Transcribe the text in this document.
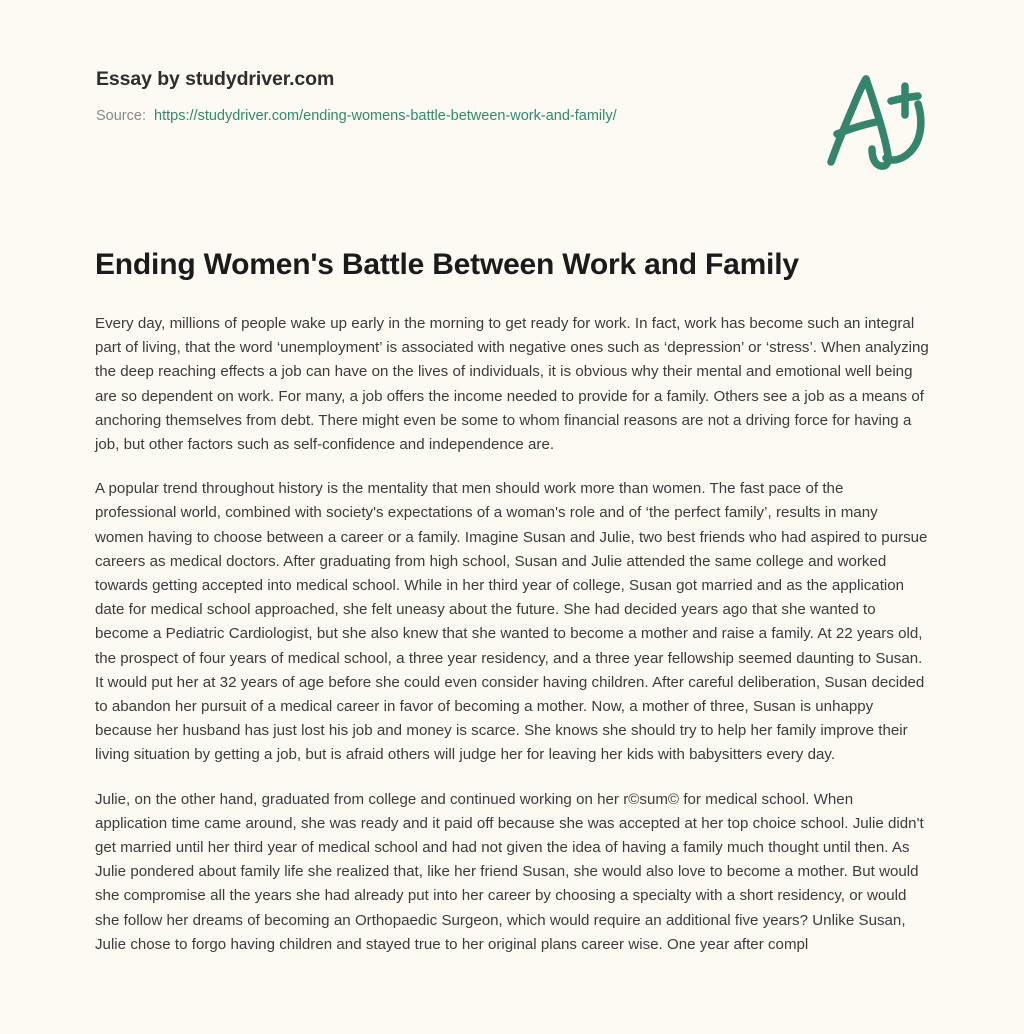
Essay by studydriver.com
Source: https://studydriver.com/ending-womens-battle-between-work-and-family/
Ending Women's Battle Between Work and Family

Every day, millions of people wake up early in the morning to get ready for work. In fact, work has become such an integral part of living, that the word ‘unemployment’ is associated with negative ones such as ‘depression’ or ‘stress’. When analyzing the deep reaching effects a job can have on the lives of individuals, it is obvious why their mental and emotional well being are so dependent on work. For many, a job offers the income needed to provide for a family. Others see a job as a means of anchoring themselves from debt. There might even be some to whom financial reasons are not a driving force for having a job, but other factors such as self-confidence and independence are.

A popular trend throughout history is the mentality that men should work more than women. The fast pace of the professional world, combined with society's expectations of a woman's role and of ‘the perfect family’, results in many women having to choose between a career or a family. Imagine Susan and Julie, two best friends who had aspired to pursue careers as medical doctors. After graduating from high school, Susan and Julie attended the same college and worked towards getting accepted into medical school. While in her third year of college, Susan got married and as the application date for medical school approached, she felt uneasy about the future. She had decided years ago that she wanted to become a Pediatric Cardiologist, but she also knew that she wanted to become a mother and raise a family. At 22 years old, the prospect of four years of medical school, a three year residency, and a three year fellowship seemed daunting to Susan. It would put her at 32 years of age before she could even consider having children. After careful deliberation, Susan decided to abandon her pursuit of a medical career in favor of becoming a mother. Now, a mother of three, Susan is unhappy because her husband has just lost his job and money is scarce. She knows she should try to help her family improve their living situation by getting a job, but is afraid others will judge her for leaving her kids with babysitters every day.

Julie, on the other hand, graduated from college and continued working on her r©sum© for medical school. When application time came around, she was ready and it paid off because she was accepted at her top choice school. Julie didn't get married until her third year of medical school and had not given the idea of having a family much thought until then. As Julie pondered about family life she realized that, like her friend Susan, she would also love to become a mother. But would she compromise all the years she had already put into her career by choosing a specialty with a short residency, or would she follow her dreams of becoming an Orthopaedic Surgeon, which would require an additional five years? Unlike Susan, Julie chose to forgo having children and stayed true to her original plans career wise. One year after compl
